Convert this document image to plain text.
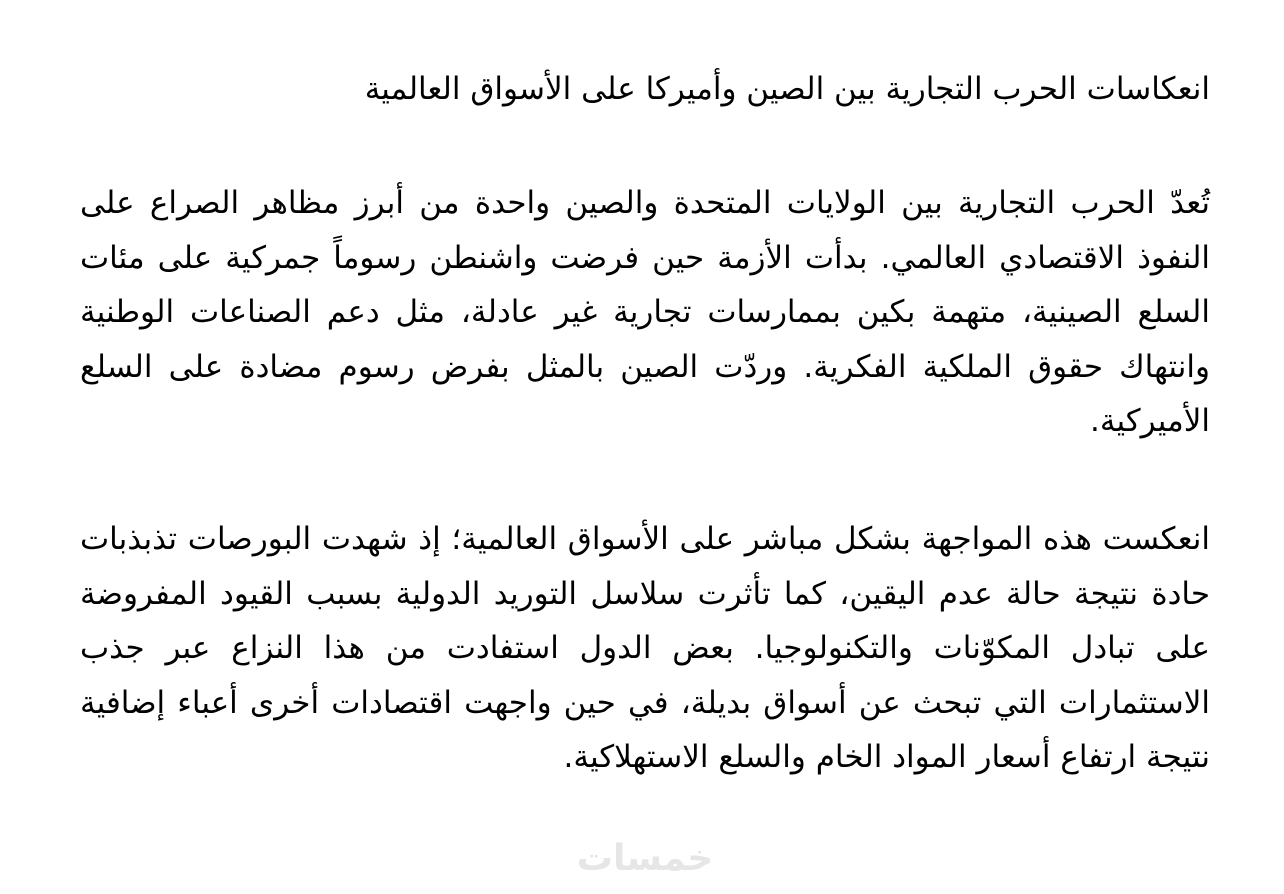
انعكاسات الحرب التجارية بين الصين وأميركا على الأسواق العالمية

تُعدّ الحرب التجارية بين الولايات المتحدة والصين واحدة من أبرز مظاهر الصراع على النفوذ الاقتصادي العالمي. بدأت الأزمة حين فرضت واشنطن رسوماً جمركية على مئات السلع الصينية، متهمة بكين بممارسات تجارية غير عادلة، مثل دعم الصناعات الوطنية وانتهاك حقوق الملكية الفكرية. وردّت الصين بالمثل بفرض رسوم مضادة على السلع الأميركية.

انعكست هذه المواجهة بشكل مباشر على الأسواق العالمية؛ إذ شهدت البورصات تذبذبات حادة نتيجة حالة عدم اليقين، كما تأثرت سلاسل التوريد الدولية بسبب القيود المفروضة على تبادل المكوّنات والتكنولوجيا. بعض الدول استفادت من هذا النزاع عبر جذب الاستثمارات التي تبحث عن أسواق بديلة، في حين واجهت اقتصادات أخرى أعباء إضافية نتيجة ارتفاع أسعار المواد الخام والسلع الاستهلاكية.

خمسات
